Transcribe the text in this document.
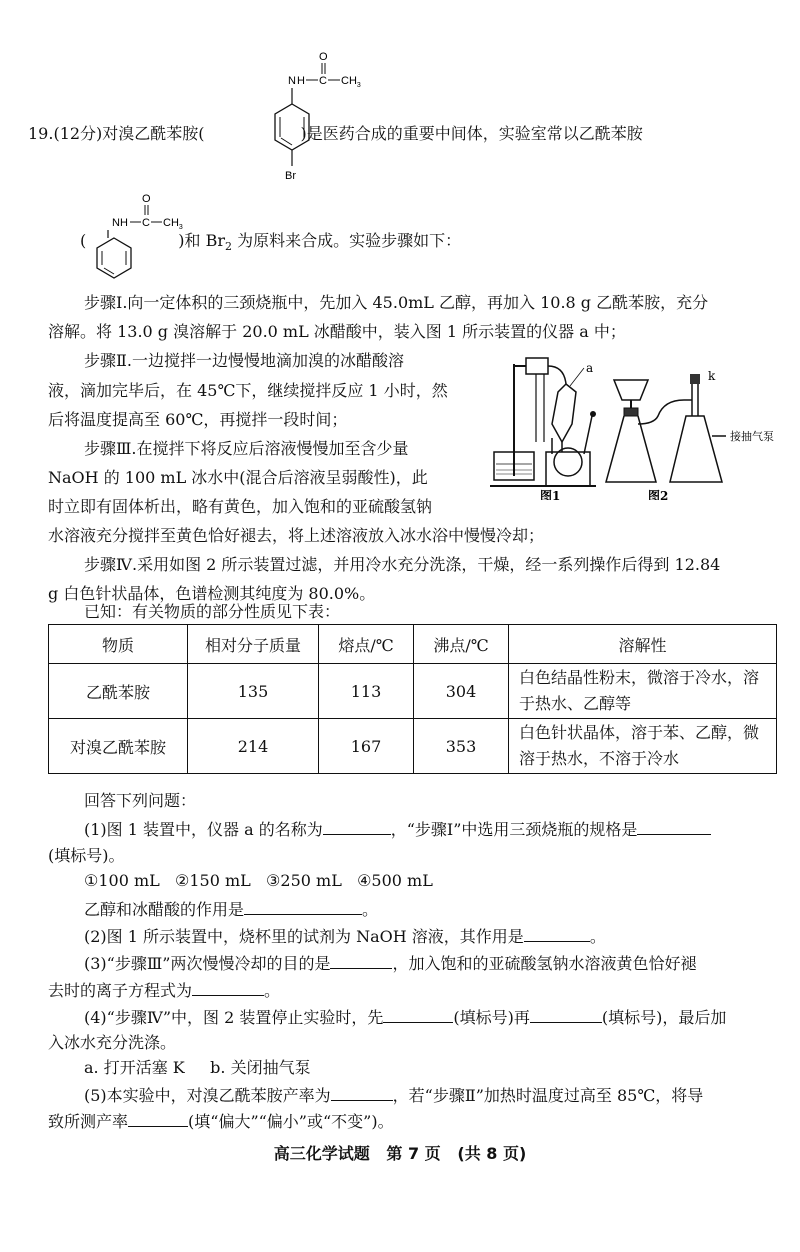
O
N H C $CH_3$
Br
19.(12分)对溴乙酰苯胺(	)是医药合成的重要中间体，实验室常以乙酰苯胺
O
NH C $CH_3$
(	)和 $Br_2$ 为原料来合成。实验步骤如下：
步骤Ⅰ.向一定体积的三颈烧瓶中，先加入 45.0mL 乙醇，再加入 10.8 g 乙酰苯胺，充分
溶解。将 13.0 g 溴溶解于 20.0 mL 冰醋酸中，装入图 1 所示装置的仪器 a 中；
步骤Ⅱ.一边搅拌一边慢慢地滴加溴的冰醋酸溶
液，滴加完毕后，在 45℃下，继续搅拌反应 1 小时，然
后将温度提高至 60℃，再搅拌一段时间；
步骤Ⅲ.在搅拌下将反应后溶液慢慢加至含少量
NaOH 的 100 mL 冰水中(混合后溶液呈弱酸性)，此
时立即有固体析出，略有黄色，加入饱和的亚硫酸氢钠
水溶液充分搅拌至黄色恰好褪去，将上述溶液放入冰水浴中慢慢冷却；
a
图1
k
接抽气泵
图2
步骤Ⅳ.采用如图 2 所示装置过滤，并用冷水充分洗涤，干燥，经一系列操作后得到 12.84
g 白色针状晶体，色谱检测其纯度为 80.0%。
已知：有关物质的部分性质见下表：
物质	相对分子质量	熔点/℃	沸点/℃	溶解性
乙酰苯胺	135	113	304	白色结晶性粉末，微溶于冷水，溶
于热水、乙醇等
对溴乙酰苯胺	214	167	353	白色针状晶体，溶于苯、乙醇，微
溶于热水，不溶于冷水
回答下列问题：
(1)图 1 装置中，仪器 a 的名称为	，“步骤Ⅰ”中选用三颈烧瓶的规格是
(填标号)。
①100 mL   ②150 mL   ③250 mL   ④500 mL
乙醇和冰醋酸的作用是	。
(2)图 1 所示装置中，烧杯里的试剂为 NaOH 溶液，其作用是	。
(3)“步骤Ⅲ”两次慢慢冷却的目的是	，加入饱和的亚硫酸氢钠水溶液黄色恰好褪
去时的离子方程式为	。
(4)“步骤Ⅳ”中，图 2 装置停止实验时，先	(填标号)再	(填标号)，最后加
入冰水充分洗涤。
a. 打开活塞 K     b. 关闭抽气泵
(5)本实验中，对溴乙酰苯胺产率为	，若“步骤Ⅱ”加热时温度过高至 85℃，将导
致所测产率	(填“偏大”“偏小”或“不变”)。
高三化学试题   第 7 页   (共 8 页)
